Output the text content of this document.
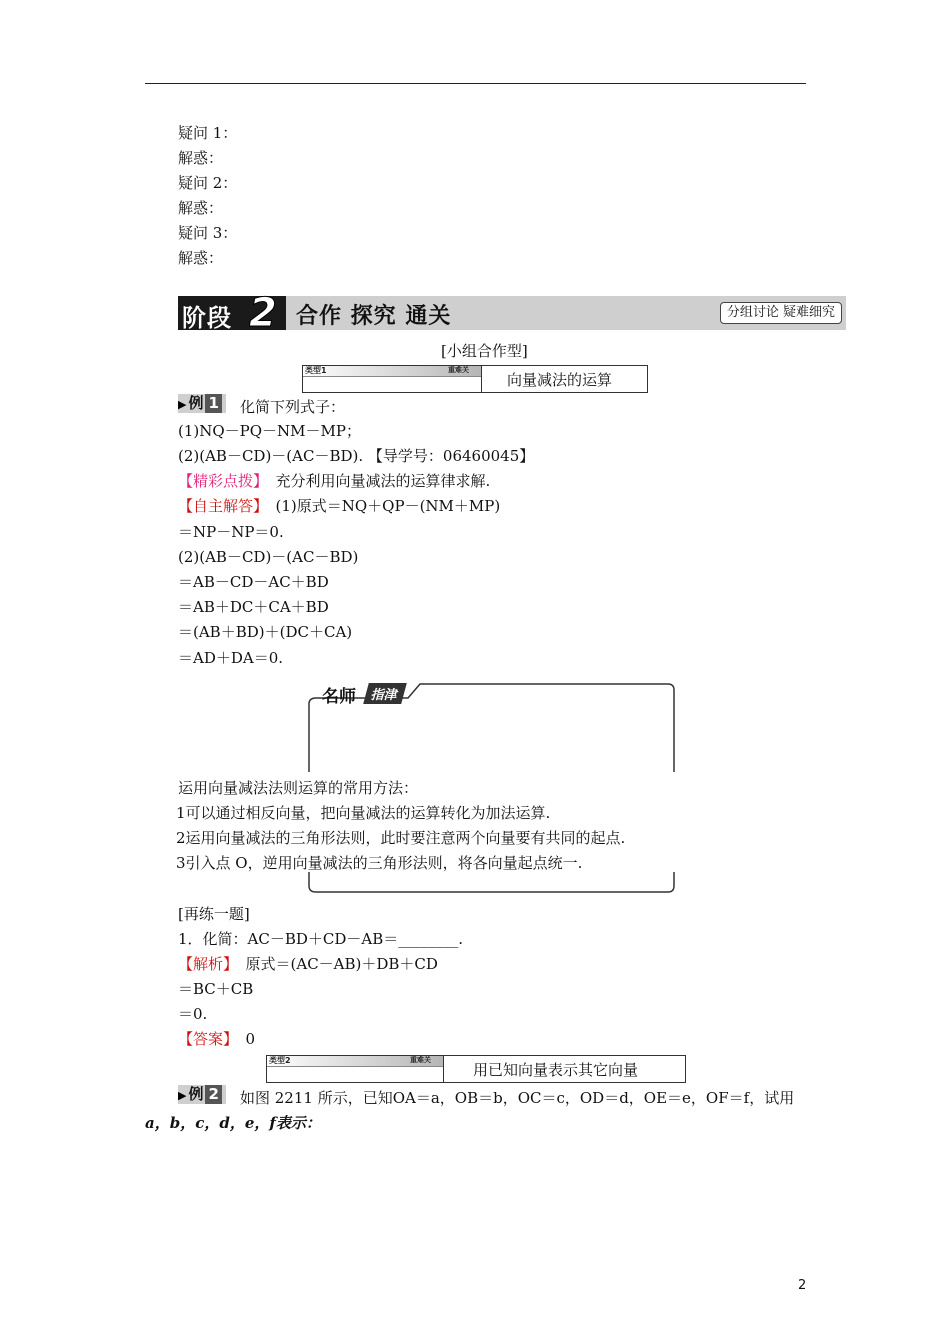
疑问 1：
解惑：
疑问 2：
解惑：
疑问 3：
解惑：
阶段 2 合作 探究 通关	分组讨论 疑难细究
[小组合作型]
类型1	重难关
向量减法的运算
▶ 例 1	化简下列式子：
(1)NQ－PQ－NM－MP；
(2)(AB－CD)－(AC－BD). 【导学号：06460045】
【精彩点拨】　充分利用向量减法的运算律求解.
【自主解答】　(1)原式＝NQ＋QP－(NM＋MP)
＝NP－NP＝0.
(2)(AB－CD)－(AC－BD)
＝AB－CD－AC＋BD
＝AB＋DC＋CA＋BD
＝(AB＋BD)＋(DC＋CA)
＝AD＋DA＝0.
名师	指津
运用向量减法法则运算的常用方法：
1可以通过相反向量，把向量减法的运算转化为加法运算.
2运用向量减法的三角形法则，此时要注意两个向量要有共同的起点.
3引入点 O，逆用向量减法的三角形法则，将各向量起点统一.
[再练一题]
1．化简：AC－BD＋CD－AB＝________.
【解析】　原式＝(AC－AB)＋DB＋CD
＝BC＋CB
＝0.
【答案】　0
类型2	重难关
用已知向量表示其它向量
▶ 例 2	如图 2211 所示，已知OA＝a，OB＝b，OC＝c，OD＝d，OE＝e，OF＝f，试用
a，b，c，d，e，f表示：
2
